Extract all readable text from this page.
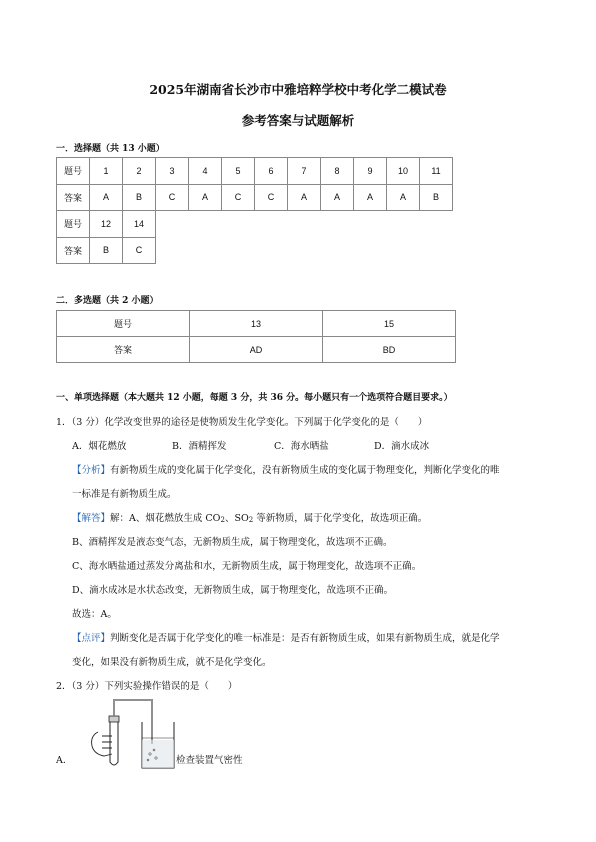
2025年湖南省长沙市中雅培粹学校中考化学二模试卷
参考答案与试题解析
一．选择题（共 13 小题）
题号	1	2	3	4	5	6	7	8	9	10	11
答案	A	B	C	A	C	C	A	A	A	A	B
题号	12	14									
答案	B	C									
二．多选题（共 2 小题）
题号	13	15
答案	AD	BD
一、单项选择题（本大题共 12 小题，每题 3 分，共 36 分。每小题只有一个选项符合题目要求。）
1．（3 分）化学改变世界的途径是使物质发生化学变化。下列属于化学变化的是（　　）
A．烟花燃放	B．酒精挥发	C．海水晒盐	D．滴水成冰
【分析】有新物质生成的变化属于化学变化，没有新物质生成的变化属于物理变化，判断化学变化的唯
一标准是有新物质生成。
【解答】解：A、烟花燃放生成 CO2、SO2 等新物质，属于化学变化，故选项正确。
B、酒精挥发是液态变气态，无新物质生成，属于物理变化，故选项不正确。
C、海水晒盐通过蒸发分离盐和水，无新物质生成，属于物理变化，故选项不正确。
D、滴水成冰是水状态改变，无新物质生成，属于物理变化，故选项不正确。
故选：A。
【点评】判断变化是否属于化学变化的唯一标准是：是否有新物质生成，如果有新物质生成，就是化学
变化，如果没有新物质生成，就不是化学变化。
2．（3 分）下列实验操作错误的是（　　）
A．	检查装置气密性
